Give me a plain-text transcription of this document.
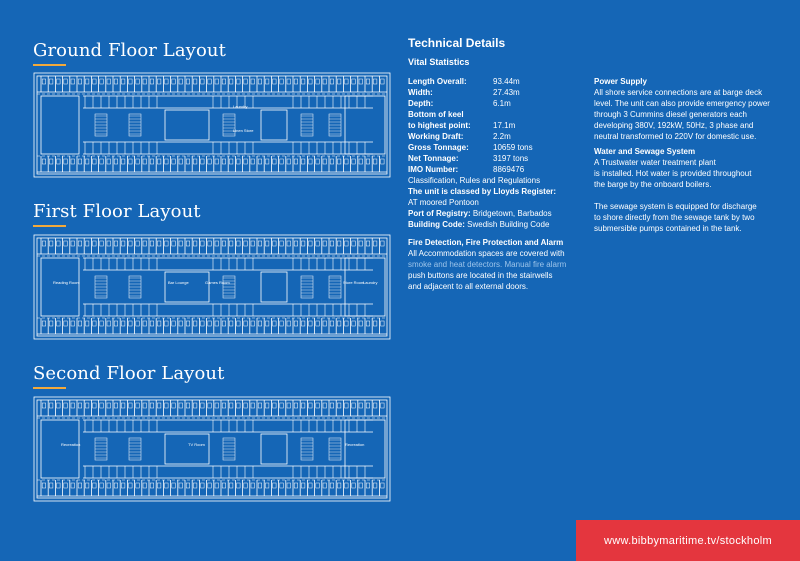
Ground Floor Layout
Laundry
Linen Store
First Floor Layout
Reading Room	Bar Lounge	Games Room	Store Room
Laundry
Second Floor Layout
Recreation	TV Room	Recreation
Technical Details
Vital Statistics
Length Overall:	93.44m
Width:	27.43m
Depth:	6.1m
Bottom of keel
to highest point:	17.1m
Working Draft:	2.2m
Gross Tonnage:	10659 tons
Net Tonnage:	3197 tons
IMO Number:	8869476
Classification, Rules and Regulations
The unit is classed by Lloyds Register:
AT moored Pontoon
Port of Registry: Bridgetown, Barbados
Building Code: Swedish Building Code
Fire Detection, Fire Protection and Alarm
All Accommodation spaces are covered with
smoke and heat detectors. Manual fire alarm
push buttons are located in the stairwells
and adjacent to all external doors.
Power Supply
All shore service connections are at barge deck
level. The unit can also provide emergency power
through 3 Cummins diesel generators each
developing 380V, 192kW, 50Hz, 3 phase and
neutral transformed to 220V for domestic use.
Water and Sewage System
A Trustwater water treatment plant
is installed. Hot water is provided throughout
the barge by the onboard boilers.
The sewage system is equipped for discharge
to shore directly from the sewage tank by two
submersible pumps contained in the tank.
www.bibbymaritime.tv/stockholm
